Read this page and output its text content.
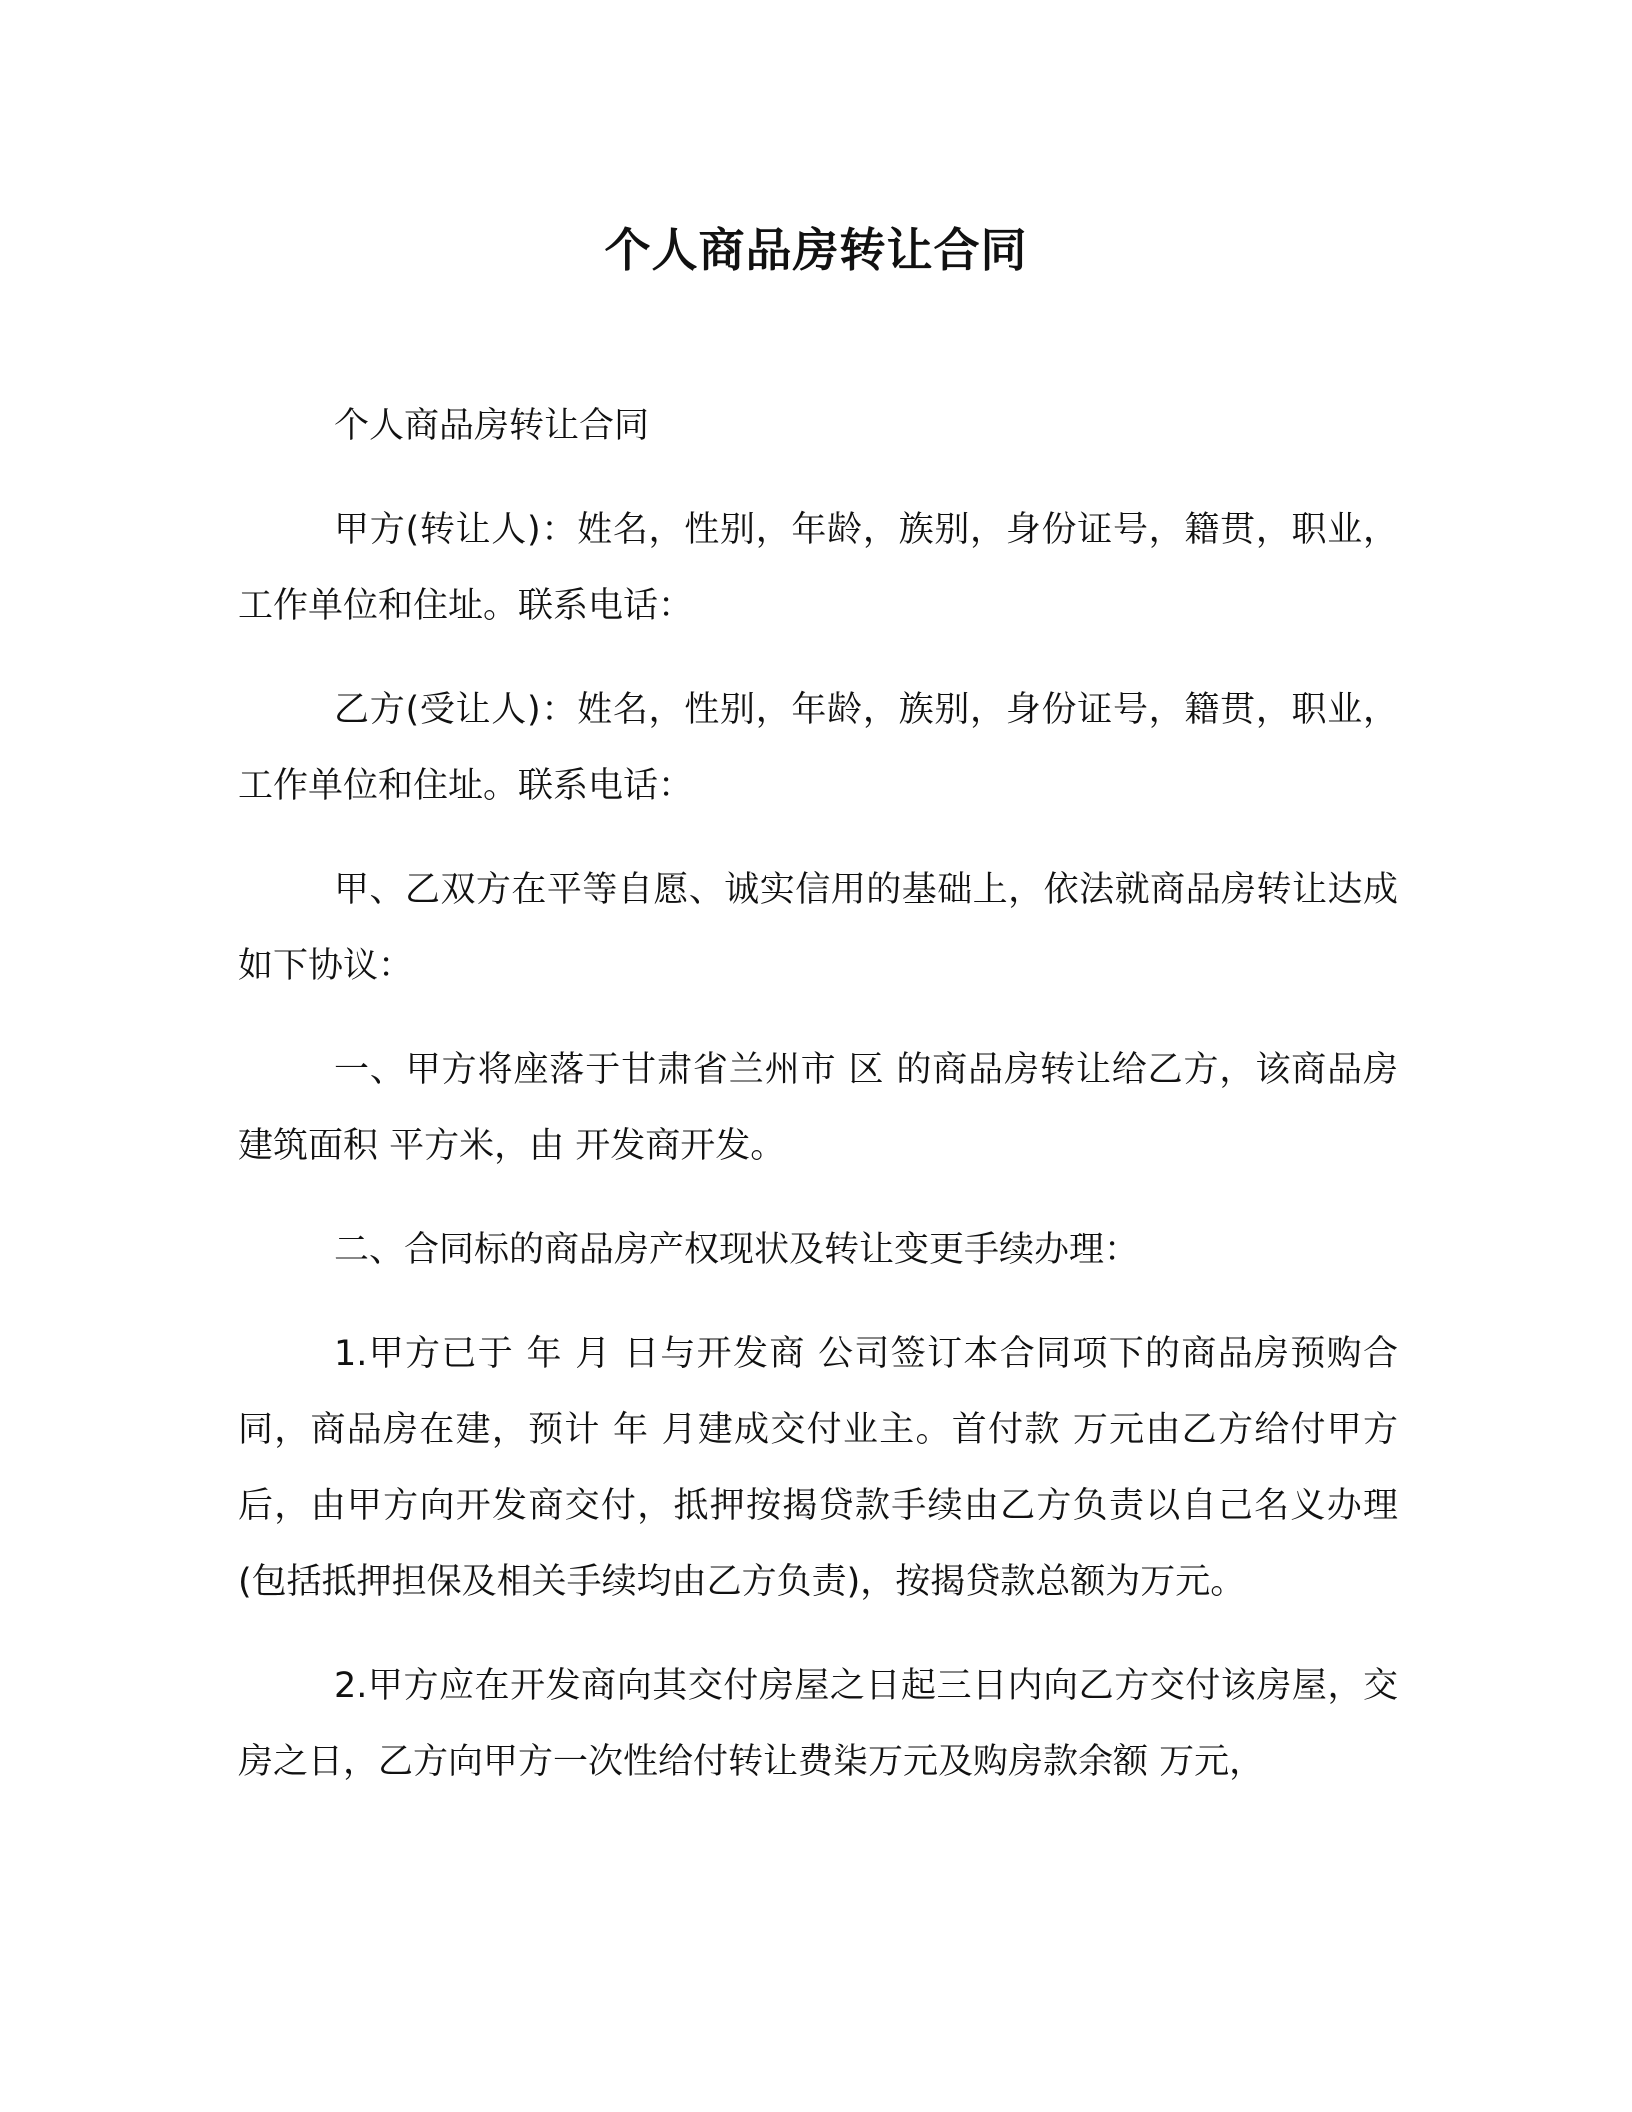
个人商品房转让合同

个人商品房转让合同

甲方(转让人)：姓名，性别，年龄，族别，身份证号，籍贯，职业，工作单位和住址。联系电话：

乙方(受让人)：姓名，性别，年龄，族别，身份证号，籍贯，职业，工作单位和住址。联系电话：

甲、乙双方在平等自愿、诚实信用的基础上，依法就商品房转让达成如下协议：

一、甲方将座落于甘肃省兰州市 区 的商品房转让给乙方，该商品房建筑面积 平方米，由 开发商开发。

二、合同标的商品房产权现状及转让变更手续办理：

1.甲方已于 年 月 日与开发商 公司签订本合同项下的商品房预购合同，商品房在建，预计 年 月建成交付业主。首付款 万元由乙方给付甲方后，由甲方向开发商交付，抵押按揭贷款手续由乙方负责以自己名义办理(包括抵押担保及相关手续均由乙方负责)，按揭贷款总额为万元。

2.甲方应在开发商向其交付房屋之日起三日内向乙方交付该房屋，交房之日，乙方向甲方一次性给付转让费柒万元及购房款余额 万元，
